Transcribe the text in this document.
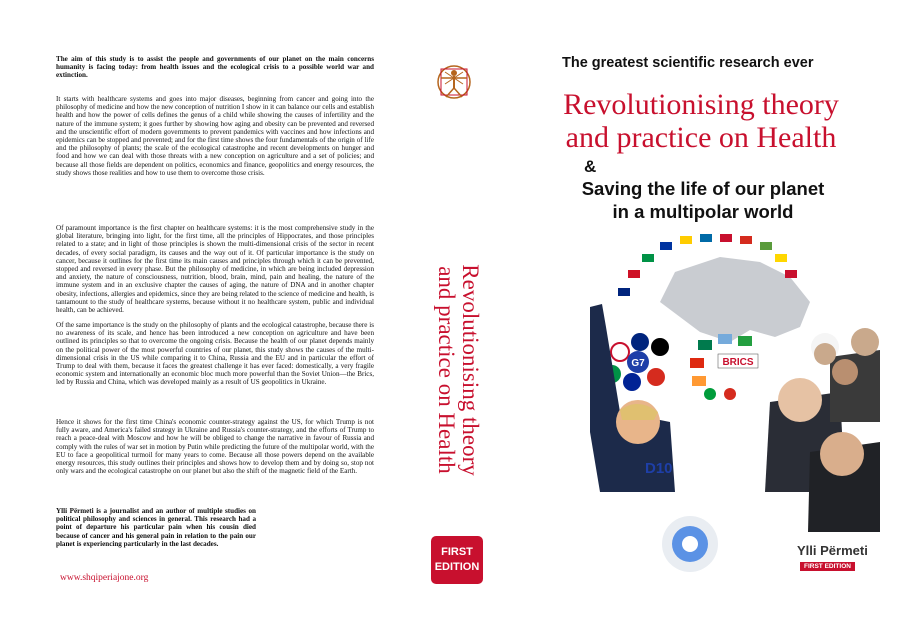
The aim of this study is to assist the people and governments of our planet on the main concerns humanity is facing today: from health issues and the ecological crisis to a possible world war and extinction.

It starts with healthcare systems and goes into major diseases, beginning from cancer and going into the philosophy of medicine and how the new conception of nutrition I show in it can balance our cells and establish health and how the power of cells defines the genus of a child while showing the causes of infertility and the nature of the immune system; it goes further by showing how aging and obesity can be prevented and reversed and the unscientific effort of modern governments to prevent pandemics with vaccines and how infections and epidemics can be stopped and prevented; and for the first time shows the four fundamentals of the origin of life and the philosophy of plants; the scale of the ecological catastrophe and recent developments on hunger and food and how we can deal with those threats with a new conception on agriculture and a set of policies; and because all those fields are dependent on politics, economics and finance, geopolitics and energy resources, the study shows those realities and how to use them to overcome those crisis.

Of paramount importance is the first chapter on healthcare systems: it is the most comprehensive study in the global literature, bringing into light, for the first time, all the principles of Hippocrates, and those principles related to a state; and in light of those principles is shown the multi-dimensional crisis of the sector in recent decades, of every social paradigm, its causes and the way out of it. Of particular importance is the study on cancer, because it outlines for the first time its main causes and principles through which it can be prevented, stopped and reversed in every phase. But the philosophy of medicine, in which are being included depression and anxiety, the nature of consciousness, nutrition, blood, brain, mind, pain and healing, the nature of the immune system and in an exclusive chapter the causes of aging, the nature of DNA and in another chapter obesity, infections, allergies and epidemics, since they are being related to the science of medicine and health, is tantamount to the study of healthcare systems, because without it no healthcare system, public and individual health, can be achieved.

Of the same importance is the study on the philosophy of plants and the ecological catastrophe, because there is no awareness of its scale, and hence has been introduced a new conception on agriculture and have been outlined its principles so that to overcome the ongoing crisis. Because the health of our planet depends mainly on the political power of the most powerful countries of our planet, this study shows the causes of the multi-dimensional crisis in the US while comparing it to China, Russia and the EU and in particular the effort of Trump to deal with them, because it faces the greatest challenge it has ever faced: domestically, a very fragile economic system and internationally an economic bloc much more powerful than the Soviet Union—the Brics, led by Russia and China, which was developed mainly as a result of US geopolitics in Ukraine.

Hence it shows for the first time China's economic counter-strategy against the US, for which Trump is not fully aware, and America's failed strategy in Ukraine and Russia's counter-strategy, and the efforts of Trump to reach a peace-deal with Moscow and how he will be obliged to change the narrative in favour of Russia and comply with the rules of war set in motion by Putin while predicting the future of the multipolar world, with the EU to face a geopolitical turmoil for many years to come. Because all those powers depend on the available energy resources, this study outlines their principles and shows how to develop them and by doing so, stop not only wars and the ecological catastrophe on our planet but also the shift of the magnetic field of the Earth.

Ylli Përmeti is a journalist and an author of multiple studies on political philosophy and sciences in general. This research had a point of departure his particular pain when his cousin died because of cancer and his general pain in relation to the pain our planet is experiencing particularly in the last decades.

www.shqiperiajone.org
Revolutionising theory
and practice on Health
FIRST
EDITION
The greatest scientific research ever
Revolutionising theory
and practice on Health
&
Saving the life of our planet
in a multipolar world
G7	BRICS
D10
Ylli Përmeti
FIRST EDITION
